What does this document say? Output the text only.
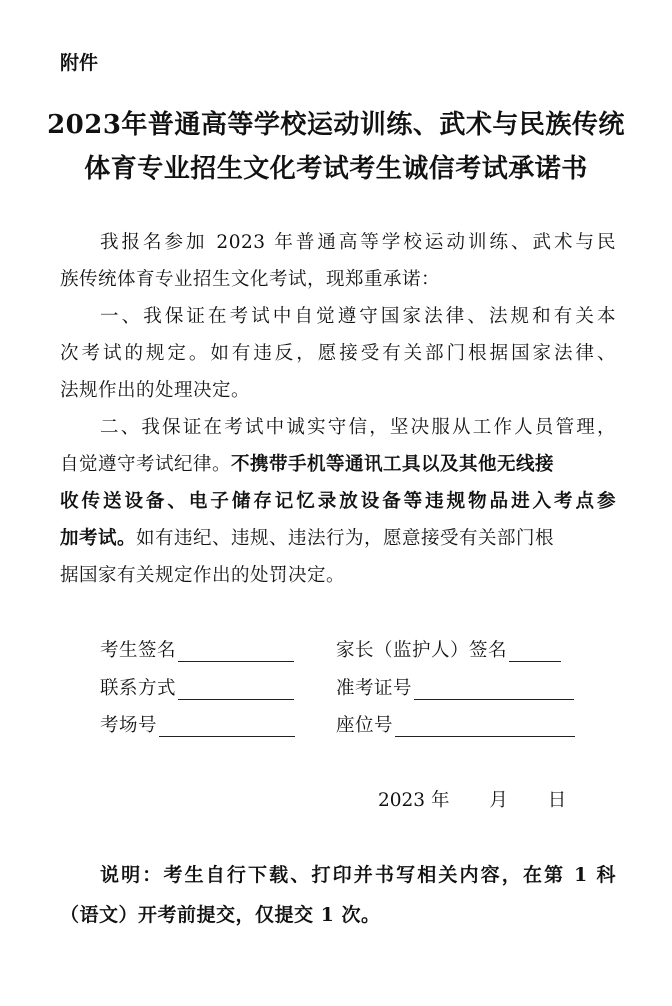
附件
2023年普通高等学校运动训练、武术与民族传统
体育专业招生文化考试考生诚信考试承诺书
我报名参加 2023 年普通高等学校运动训练、武术与民
族传统体育专业招生文化考试，现郑重承诺：
一、我保证在考试中自觉遵守国家法律、法规和有关本
次考试的规定。如有违反，愿接受有关部门根据国家法律、
法规作出的处理决定。
二、我保证在考试中诚实守信，坚决服从工作人员管理，
自觉遵守考试纪律。不携带手机等通讯工具以及其他无线接
收传送设备、电子储存记忆录放设备等违规物品进入考点参
加考试。如有违纪、违规、违法行为，愿意接受有关部门根
据国家有关规定作出的处罚决定。
考生签名	家长（监护人）签名
联系方式	准考证号
考场号	座位号
2023 年 月 日
说明：考生自行下载、打印并书写相关内容，在第 1 科
（语文）开考前提交，仅提交 1 次。
